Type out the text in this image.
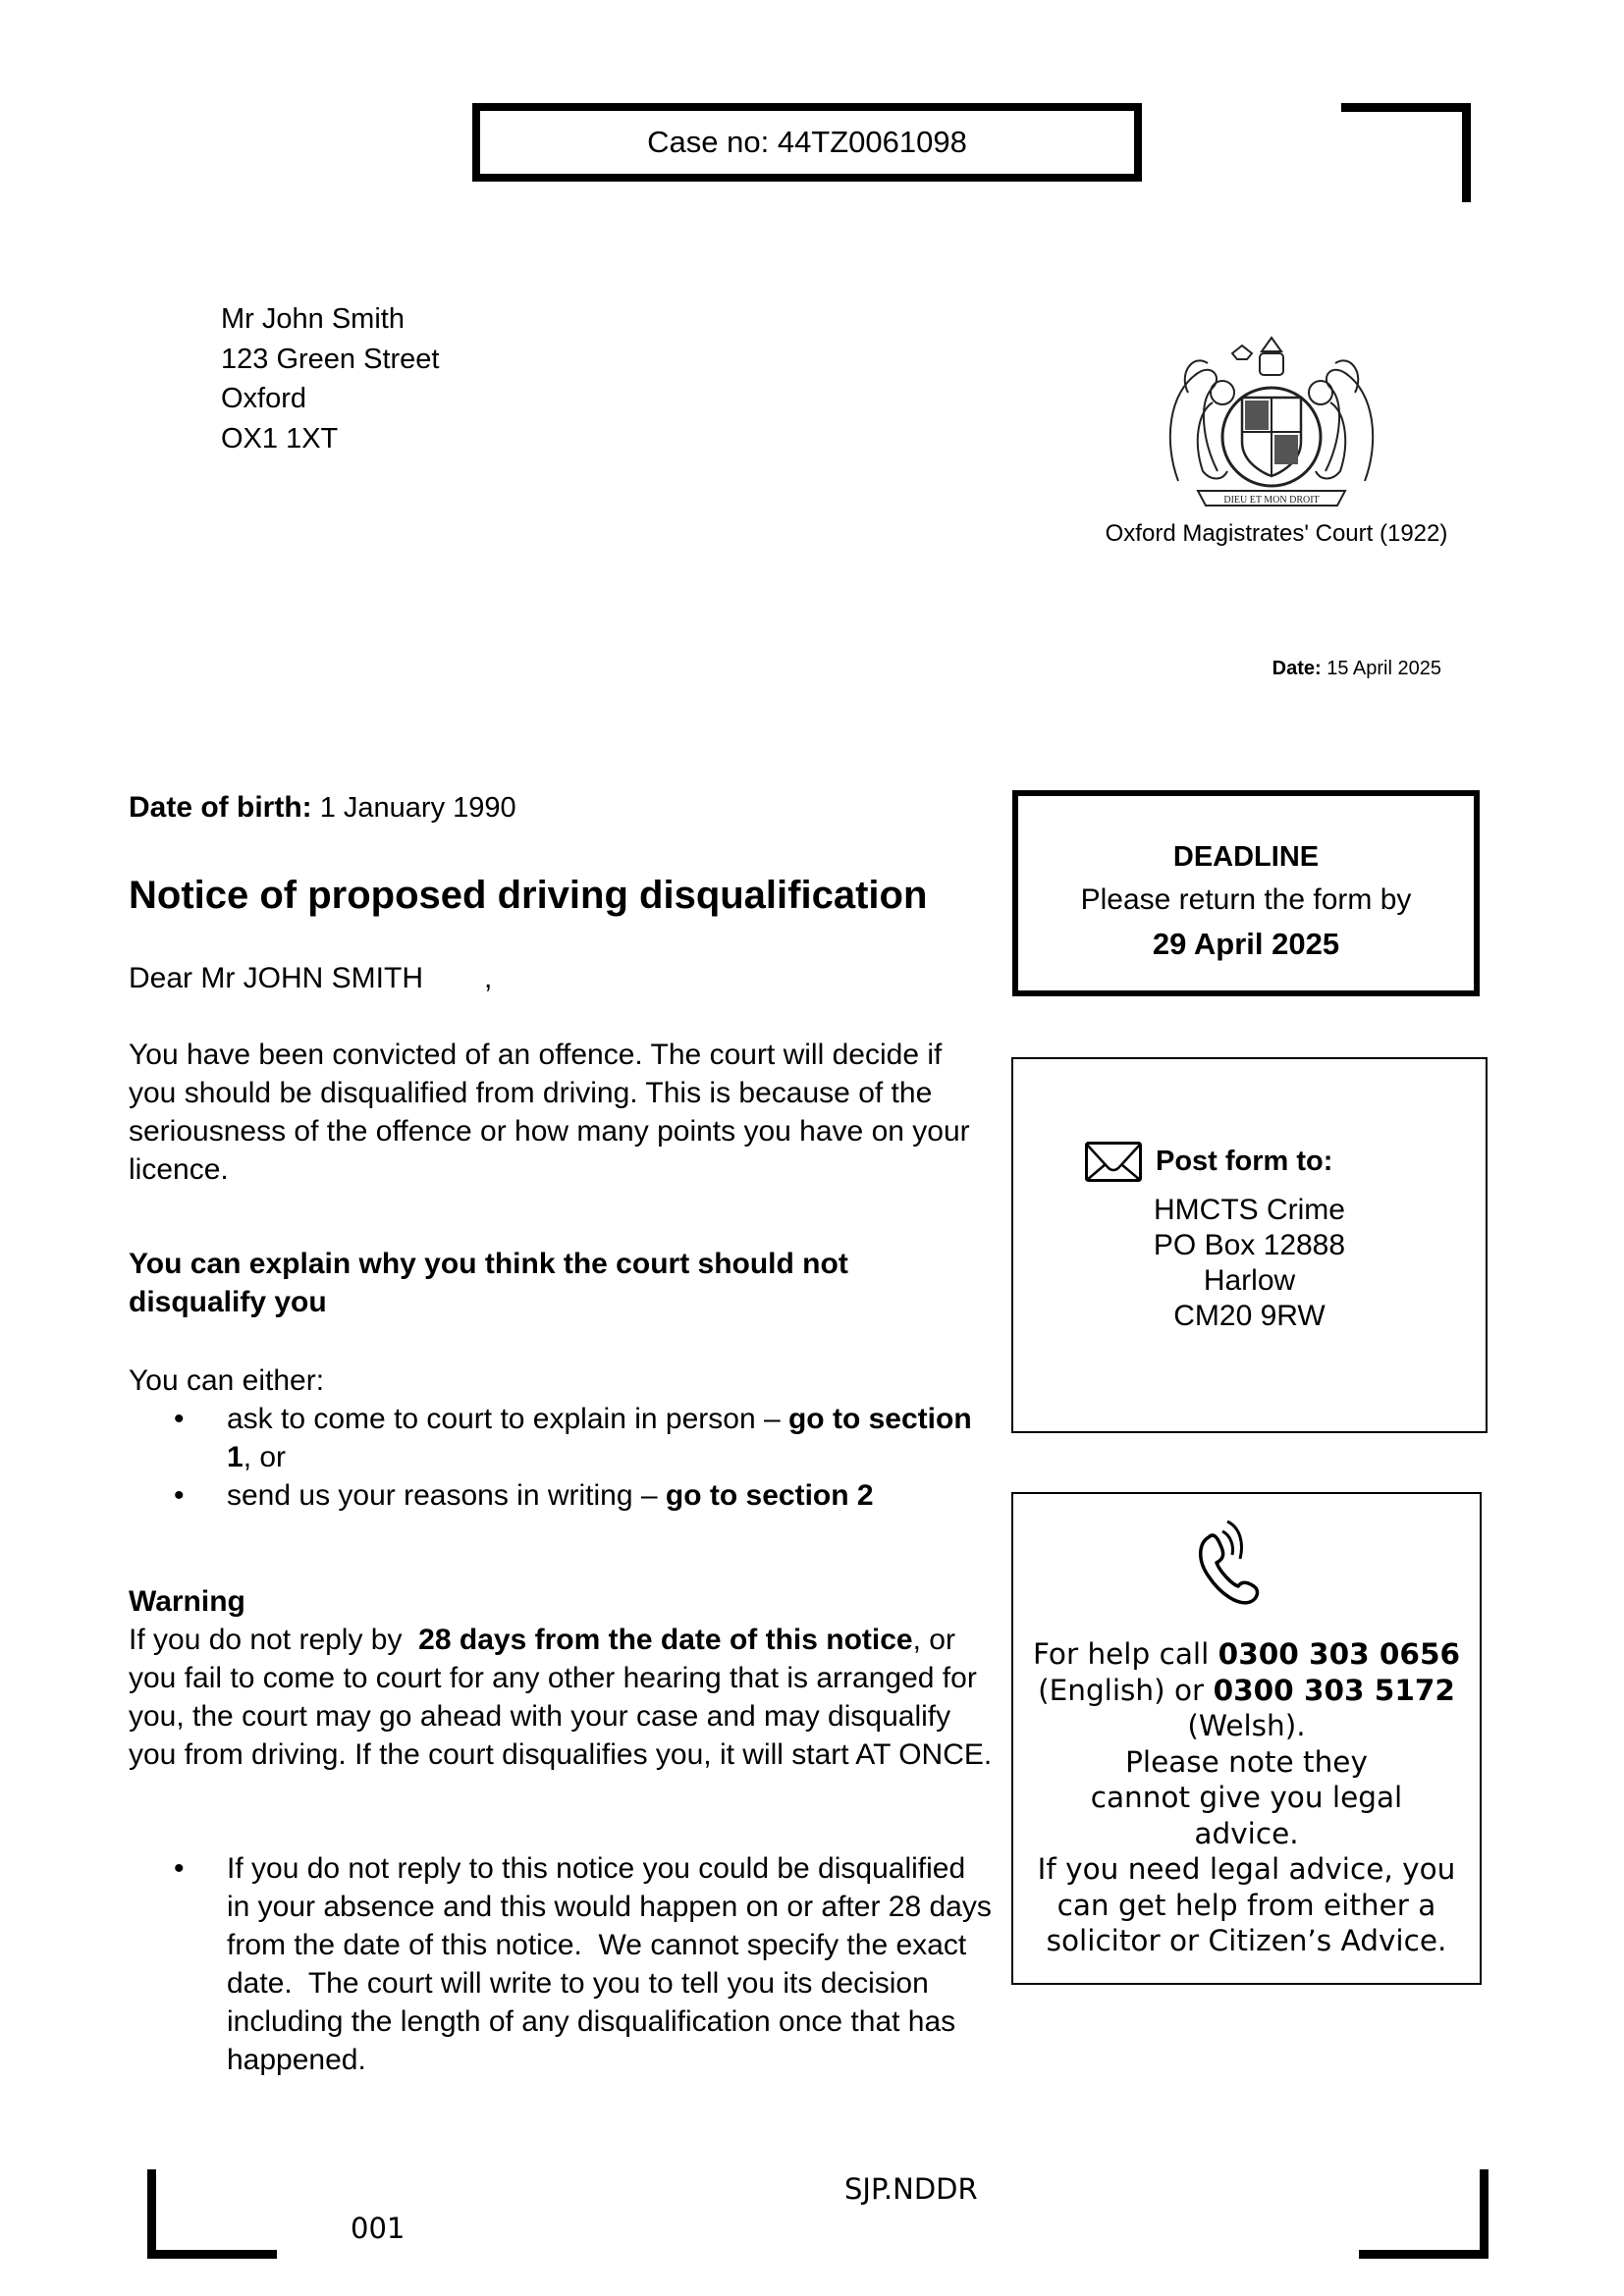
Case no:
44TZ0061098
Mr John Smith
123 Green Street
Oxford
OX1 1XT
DIEU ET MON DROIT
Oxford Magistrates' Court (1922)
Date: 15 April 2025
Date of birth: 1 January 1990
Notice of proposed driving disqualification
Dear Mr JOHN SMITH ,
You have been convicted of an offence. The court will decide if you should be disqualified from driving. This is because of the seriousness of the offence or how many points you have on your licence.
You can explain why you think the court should not disqualify you
You can either:
• ask to come to court to explain in person – go to section 1, or
• send us your reasons in writing – go to section 2
Warning
If you do not reply by  28 days from the date of this notice, or you fail to come to court for any other hearing that is arranged for you, the court may go ahead with your case and may disqualify you from driving. If the court disqualifies you, it will start AT ONCE.
• If you do not reply to this notice you could be disqualified in your absence and this would happen on or after 28 days from the date of this notice.  We cannot specify the exact date.  The court will write to you to tell you its decision including the length of any disqualification once that has happened.
DEADLINE
Please return the form by
29 April 2025
Post form to:
HMCTS Crime
PO Box 12888
Harlow
CM20 9RW
For help call 0300 303 0656 (English) or 0300 303 5172 (Welsh).
Please note they cannot give you legal advice.
If you need legal advice, you can get help from either a solicitor or Citizen’s Advice.
SJP.NDDR
001
